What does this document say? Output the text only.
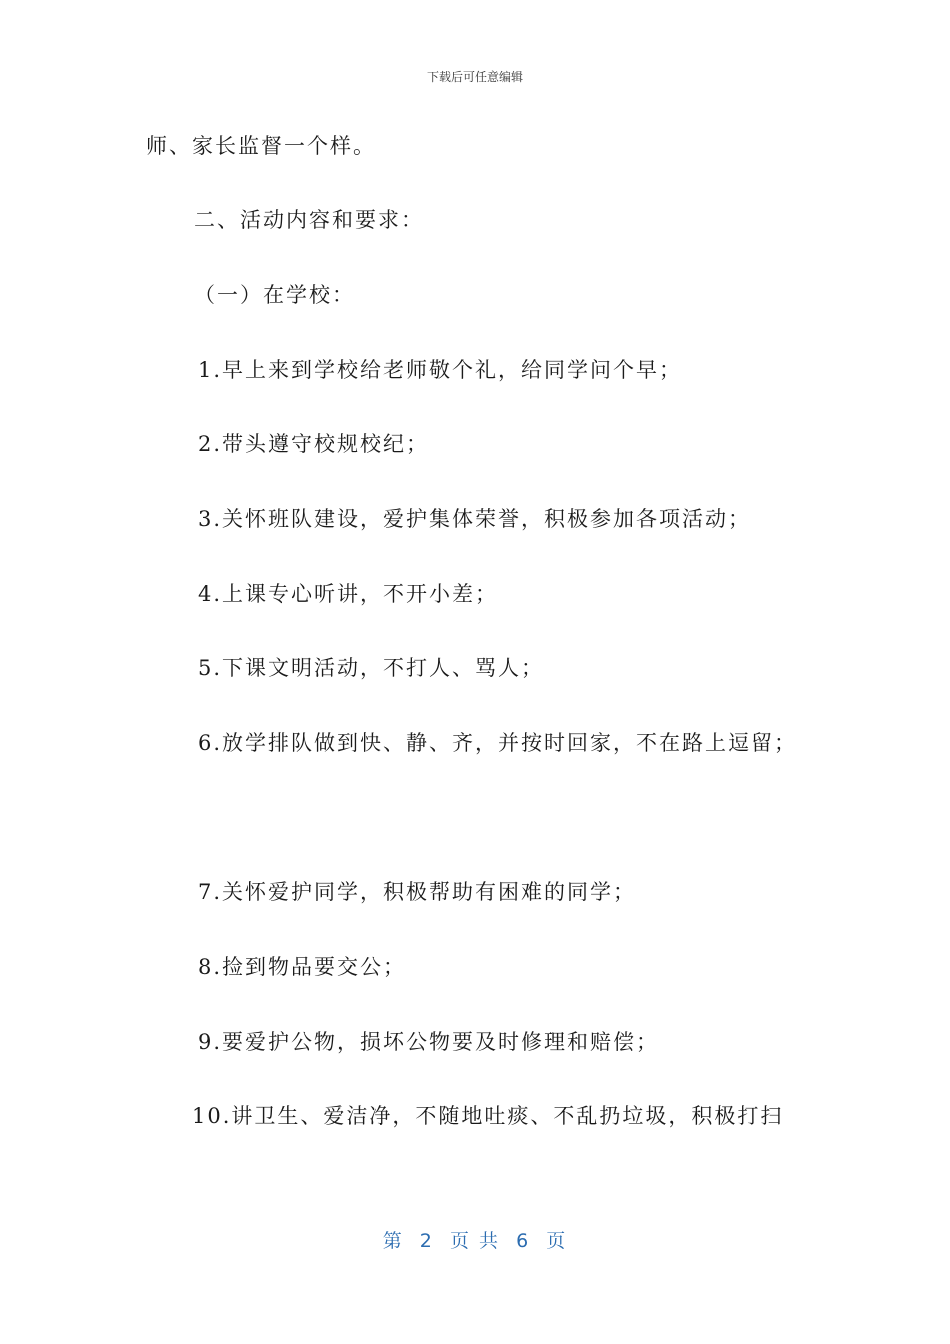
下载后可任意编辑
师、家长监督一个样。
二、活动内容和要求：
（一）在学校：
1.早上来到学校给老师敬个礼，给同学问个早；
2.带头遵守校规校纪；
3.关怀班队建设，爱护集体荣誉，积极参加各项活动；
4.上课专心听讲，不开小差；
5.下课文明活动，不打人、骂人；
6.放学排队做到快、静、齐，并按时回家，不在路上逗留；
7.关怀爱护同学，积极帮助有困难的同学；
8.捡到物品要交公；
9.要爱护公物，损坏公物要及时修理和赔偿；
10.讲卫生、爱洁净，不随地吐痰、不乱扔垃圾，积极打扫
第  2  页 共  6  页
